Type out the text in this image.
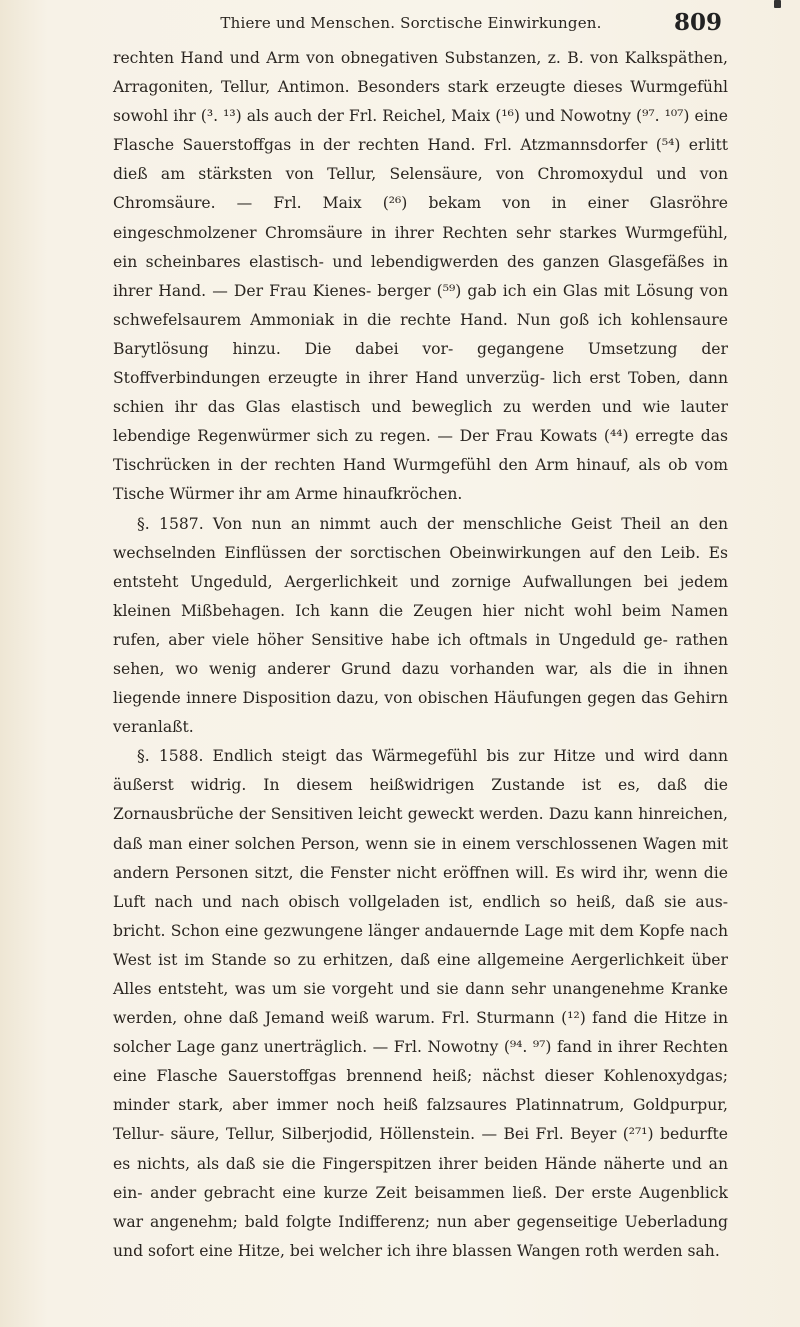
Thiere und Menschen. Sorctische Einwirkungen.	809

rechten Hand und Arm von obnegativen Substanzen, z. B. von Kalkspäthen, Arragoniten, Tellur, Antimon. Besonders stark erzeugte dieses Wurmgefühl sowohl ihr (³. ¹³) als auch der Frl. Reichel, Maix (¹⁶) und Nowotny (⁹⁷. ¹⁰⁷) eine Flasche Sauerstoffgas in der rechten Hand. Frl. Atzmannsdorfer (⁵⁴) erlitt dieß am stärksten von Tellur, Selensäure, von Chromoxydul und von Chromsäure. — Frl. Maix (²⁶) bekam von in einer Glasröhre eingeschmolzener Chromsäure in ihrer Rechten sehr starkes Wurmgefühl, ein scheinbares elastisch- und lebendigwerden des ganzen Glasgefäßes in ihrer Hand. — Der Frau Kienes- berger (⁵⁹) gab ich ein Glas mit Lösung von schwefelsaurem Ammoniak in die rechte Hand. Nun goß ich kohlensaure Barytlösung hinzu. Die dabei vor- gegangene Umsetzung der Stoffverbindungen erzeugte in ihrer Hand unverzüg- lich erst Toben, dann schien ihr das Glas elastisch und beweglich zu werden und wie lauter lebendige Regenwürmer sich zu regen. — Der Frau Kowats (⁴⁴) erregte das Tischrücken in der rechten Hand Wurmgefühl den Arm hinauf, als ob vom Tische Würmer ihr am Arme hinaufkröchen.

§. 1587. Von nun an nimmt auch der menschliche Geist Theil an den wechselnden Einflüssen der sorctischen Obeinwirkungen auf den Leib. Es entsteht Ungeduld, Aergerlichkeit und zornige Aufwallungen bei jedem kleinen Mißbehagen. Ich kann die Zeugen hier nicht wohl beim Namen rufen, aber viele höher Sensitive habe ich oftmals in Ungeduld ge- rathen sehen, wo wenig anderer Grund dazu vorhanden war, als die in ihnen liegende innere Disposition dazu, von obischen Häufungen gegen das Gehirn veranlaßt.

§. 1588. Endlich steigt das Wärmegefühl bis zur Hitze und wird dann äußerst widrig. In diesem heißwidrigen Zustande ist es, daß die Zornausbrüche der Sensitiven leicht geweckt werden. Dazu kann hinreichen, daß man einer solchen Person, wenn sie in einem verschlossenen Wagen mit andern Personen sitzt, die Fenster nicht eröffnen will. Es wird ihr, wenn die Luft nach und nach obisch vollgeladen ist, endlich so heiß, daß sie aus- bricht. Schon eine gezwungene länger andauernde Lage mit dem Kopfe nach West ist im Stande so zu erhitzen, daß eine allgemeine Aergerlichkeit über Alles entsteht, was um sie vorgeht und sie dann sehr unangenehme Kranke werden, ohne daß Jemand weiß warum. Frl. Sturmann (¹²) fand die Hitze in solcher Lage ganz unerträglich. — Frl. Nowotny (⁹⁴. ⁹⁷) fand in ihrer Rechten eine Flasche Sauerstoffgas brennend heiß; nächst dieser Kohlenoxydgas; minder stark, aber immer noch heiß falzsaures Platinnatrum, Goldpurpur, Tellur- säure, Tellur, Silberjodid, Höllenstein. — Bei Frl. Beyer (²⁷¹) bedurfte es nichts, als daß sie die Fingerspitzen ihrer beiden Hände näherte und an ein- ander gebracht eine kurze Zeit beisammen ließ. Der erste Augenblick war angenehm; bald folgte Indifferenz; nun aber gegenseitige Ueberladung und sofort eine Hitze, bei welcher ich ihre blassen Wangen roth werden sah.
